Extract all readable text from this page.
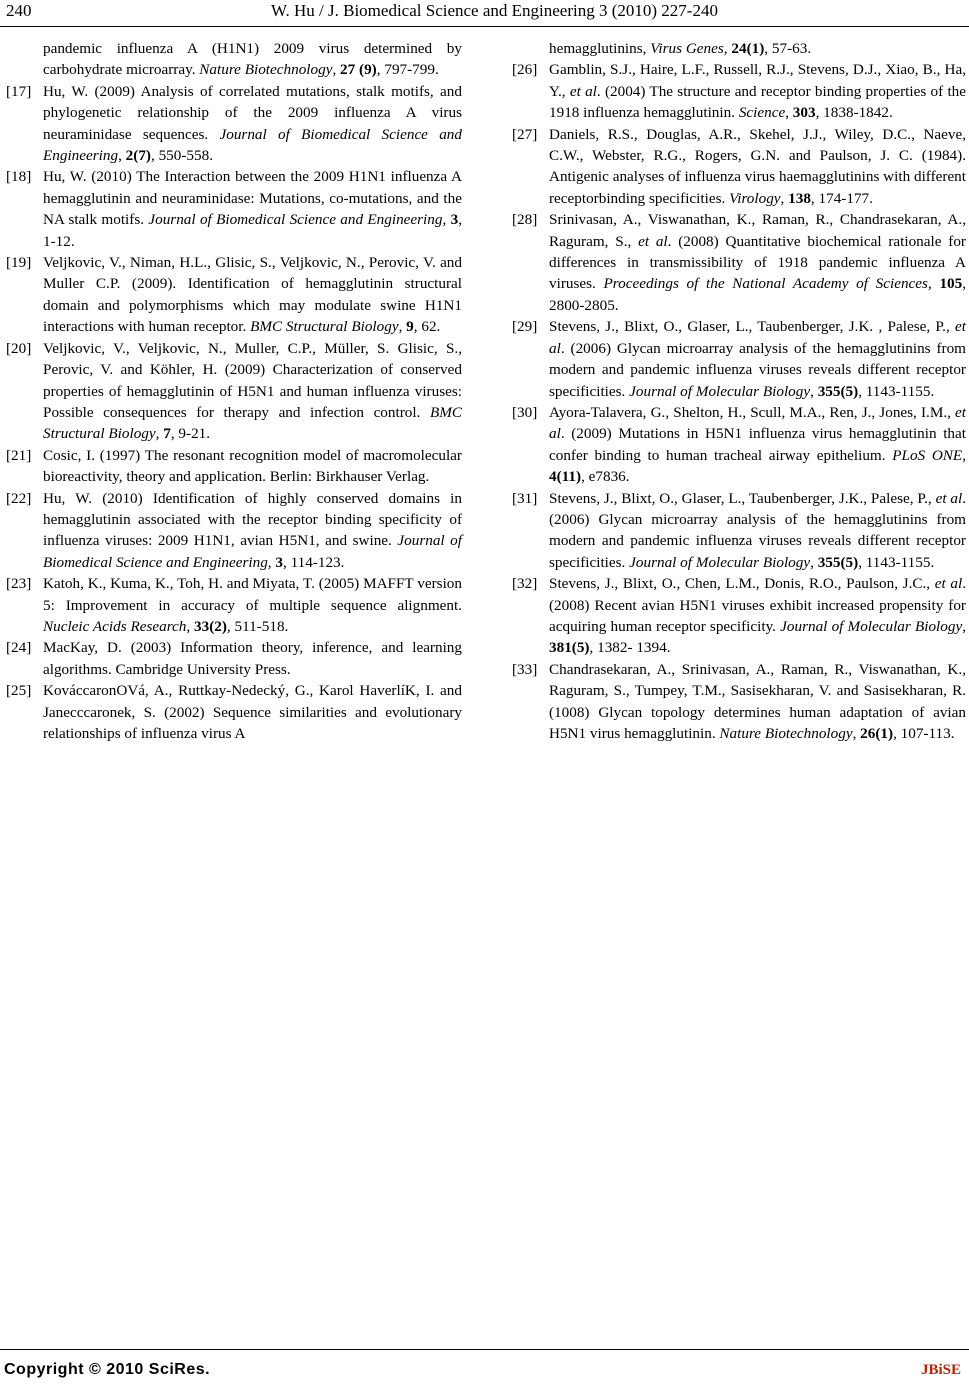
240	W. Hu / J. Biomedical Science and Engineering 3 (2010) 227-240
pandemic influenza A (H1N1) 2009 virus determined by carbohydrate microarray. Nature Biotechnology, 27 (9), 797-799.
[17] Hu, W. (2009) Analysis of correlated mutations, stalk motifs, and phylogenetic relationship of the 2009 influenza A virus neuraminidase sequences. Journal of Biomedical Science and Engineering, 2(7), 550-558.
[18] Hu, W. (2010) The Interaction between the 2009 H1N1 influenza A hemagglutinin and neuraminidase: Mutations, co-mutations, and the NA stalk motifs. Journal of Biomedical Science and Engineering, 3, 1-12.
[19] Veljkovic, V., Niman, H.L., Glisic, S., Veljkovic, N., Perovic, V. and Muller C.P. (2009). Identification of hemagglutinin structural domain and polymorphisms which may modulate swine H1N1 interactions with human receptor. BMC Structural Biology, 9, 62.
[20] Veljkovic, V., Veljkovic, N., Muller, C.P., Müller, S. Glisic, S., Perovic, V. and Köhler, H. (2009) Characterization of conserved properties of hemagglutinin of H5N1 and human influenza viruses: Possible consequences for therapy and infection control. BMC Structural Biology, 7, 9-21.
[21] Cosic, I. (1997) The resonant recognition model of macromolecular bioreactivity, theory and application. Berlin: Birkhauser Verlag.
[22] Hu, W. (2010) Identification of highly conserved domains in hemagglutinin associated with the receptor binding specificity of influenza viruses: 2009 H1N1, avian H5N1, and swine. Journal of Biomedical Science and Engineering, 3, 114-123.
[23] Katoh, K., Kuma, K., Toh, H. and Miyata, T. (2005) MAFFT version 5: Improvement in accuracy of multiple sequence alignment. Nucleic Acids Research, 33(2), 511-518.
[24] MacKay, D. (2003) Information theory, inference, and learning algorithms. Cambridge University Press.
[25] KováccaronOVá, A., Ruttkay-Nedecký, G., Karol HaverlíK, I. and Janecccaronek, S. (2002) Sequence similarities and evolutionary relationships of influenza virus A
hemagglutinins, Virus Genes, 24(1), 57-63.
[26] Gamblin, S.J., Haire, L.F., Russell, R.J., Stevens, D.J., Xiao, B., Ha, Y., et al. (2004) The structure and receptor binding properties of the 1918 influenza hemagglutinin. Science, 303, 1838-1842.
[27] Daniels, R.S., Douglas, A.R., Skehel, J.J., Wiley, D.C., Naeve, C.W., Webster, R.G., Rogers, G.N. and Paulson, J. C. (1984). Antigenic analyses of influenza virus haemagglutinins with different receptorbinding specificities. Virology, 138, 174-177.
[28] Srinivasan, A., Viswanathan, K., Raman, R., Chandrasekaran, A., Raguram, S., et al. (2008) Quantitative biochemical rationale for differences in transmissibility of 1918 pandemic influenza A viruses. Proceedings of the National Academy of Sciences, 105, 2800-2805.
[29] Stevens, J., Blixt, O., Glaser, L., Taubenberger, J.K. , Palese, P., et al. (2006) Glycan microarray analysis of the hemagglutinins from modern and pandemic influenza viruses reveals different receptor specificities. Journal of Molecular Biology, 355(5), 1143-1155.
[30] Ayora-Talavera, G., Shelton, H., Scull, M.A., Ren, J., Jones, I.M., et al. (2009) Mutations in H5N1 influenza virus hemagglutinin that confer binding to human tracheal airway epithelium. PLoS ONE, 4(11), e7836.
[31] Stevens, J., Blixt, O., Glaser, L., Taubenberger, J.K., Palese, P., et al. (2006) Glycan microarray analysis of the hemagglutinins from modern and pandemic influenza viruses reveals different receptor specificities. Journal of Molecular Biology, 355(5), 1143-1155.
[32] Stevens, J., Blixt, O., Chen, L.M., Donis, R.O., Paulson, J.C., et al. (2008) Recent avian H5N1 viruses exhibit increased propensity for acquiring human receptor specificity. Journal of Molecular Biology, 381(5), 1382- 1394.
[33] Chandrasekaran, A., Srinivasan, A., Raman, R., Viswanathan, K., Raguram, S., Tumpey, T.M., Sasisekharan, V. and Sasisekharan, R. (1008) Glycan topology determines human adaptation of avian H5N1 virus hemagglutinin. Nature Biotechnology, 26(1), 107-113.
Copyright © 2010 SciRes.	JBiSE
